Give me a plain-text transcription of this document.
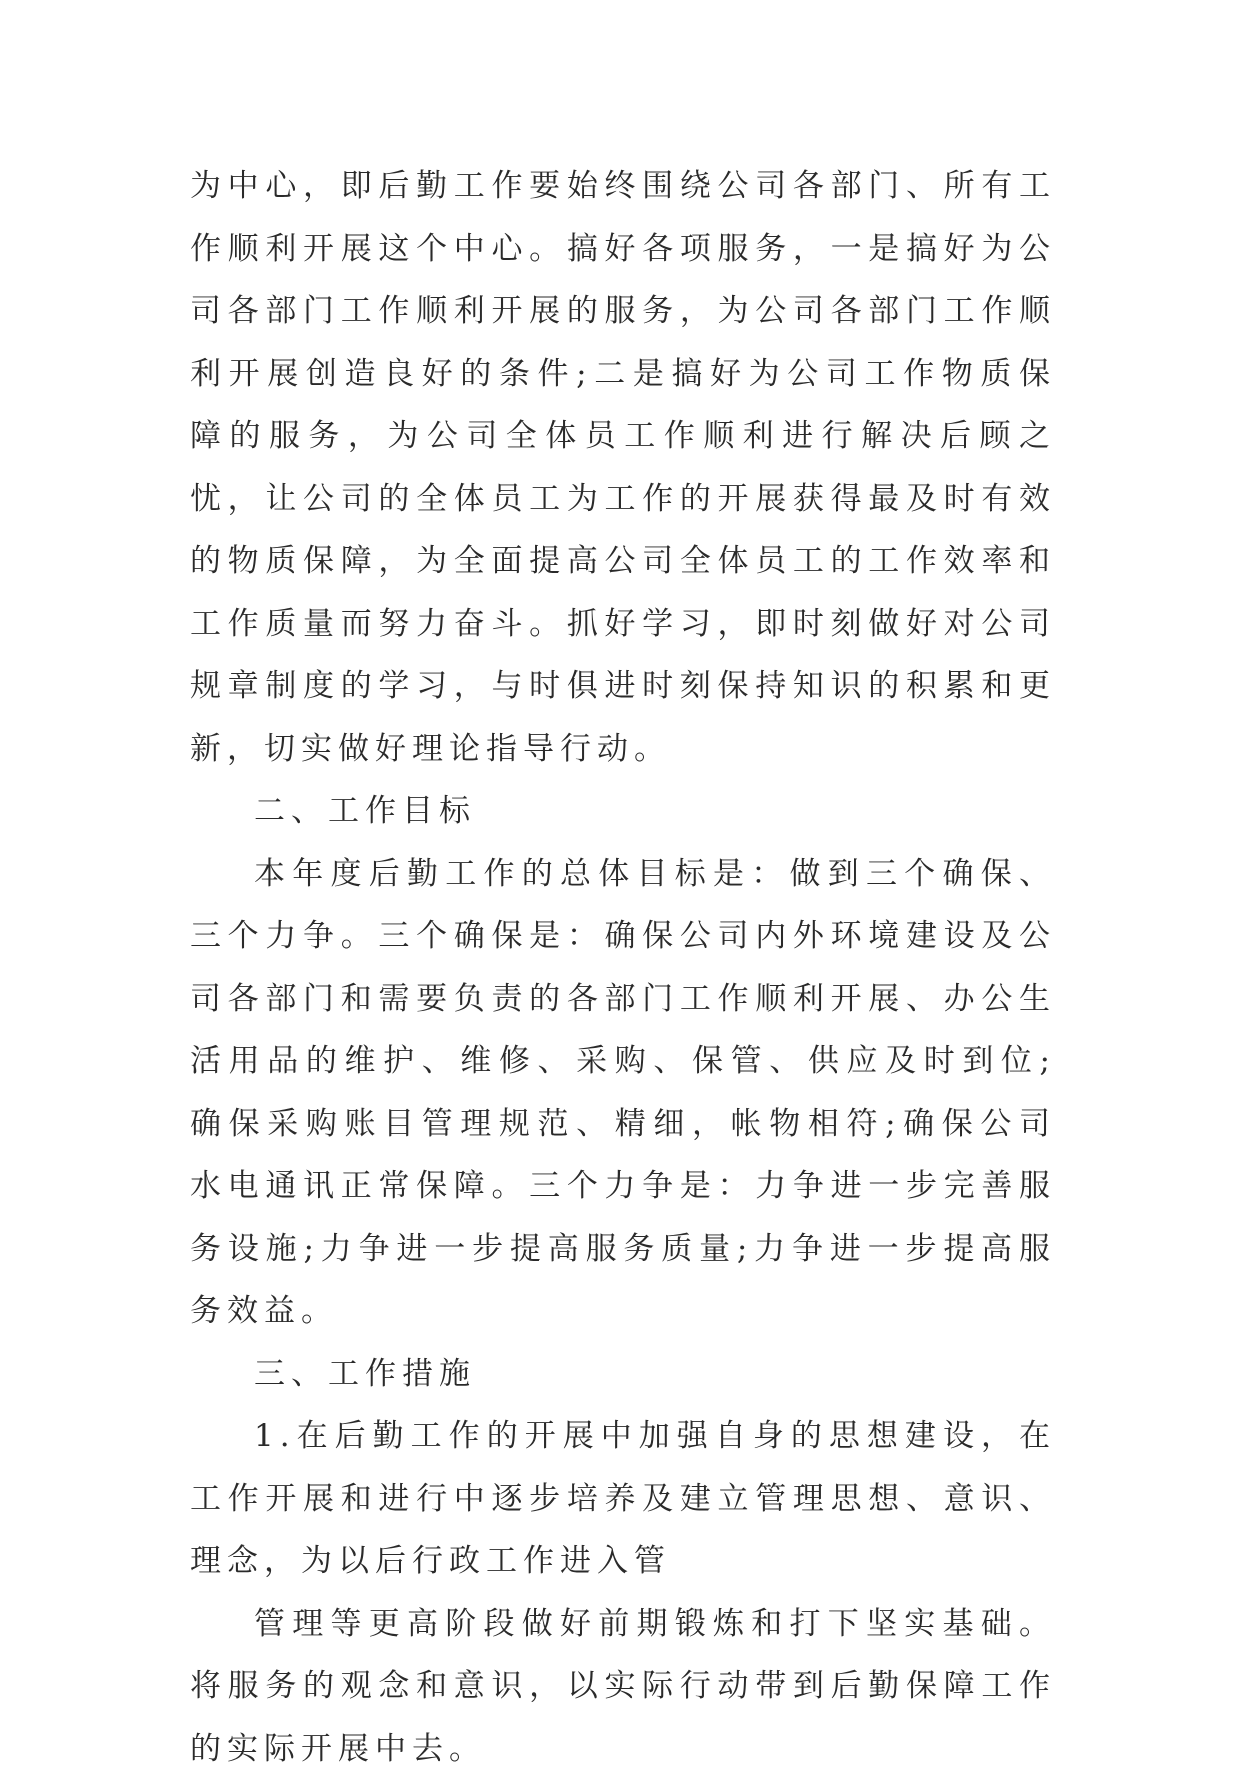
为中心，即后勤工作要始终围绕公司各部门、所有工作顺利开展这个中心。搞好各项服务，一是搞好为公司各部门工作顺利开展的服务，为公司各部门工作顺利开展创造良好的条件;二是搞好为公司工作物质保障的服务，为公司全体员工作顺利进行解决后顾之忧，让公司的全体员工为工作的开展获得最及时有效的物质保障，为全面提高公司全体员工的工作效率和工作质量而努力奋斗。抓好学习，即时刻做好对公司规章制度的学习，与时俱进时刻保持知识的积累和更新，切实做好理论指导行动。

二、工作目标

本年度后勤工作的总体目标是：做到三个确保、三个力争。三个确保是：确保公司内外环境建设及公司各部门和需要负责的各部门工作顺利开展、办公生活用品的维护、维修、采购、保管、供应及时到位;确保采购账目管理规范、精细，帐物相符;确保公司水电通讯正常保障。三个力争是：力争进一步完善服务设施;力争进一步提高服务质量;力争进一步提高服务效益。

三、工作措施

1.在后勤工作的开展中加强自身的思想建设，在工作开展和进行中逐步培养及建立管理思想、意识、理念，为以后行政工作进入管

管理等更高阶段做好前期锻炼和打下坚实基础。将服务的观念和意识，以实际行动带到后勤保障工作的实际开展中去。
